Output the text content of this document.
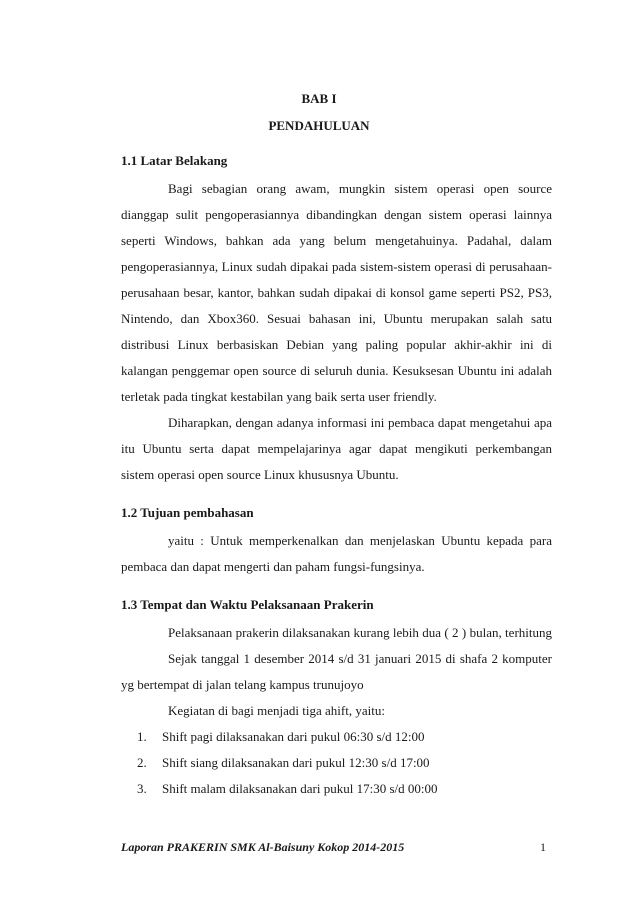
BAB I
PENDAHULUAN
1.1 Latar Belakang
Bagi sebagian orang awam, mungkin sistem operasi open source
dianggap sulit pengoperasiannya dibandingkan dengan sistem operasi lainnya
seperti Windows, bahkan ada yang belum mengetahuinya. Padahal, dalam
pengoperasiannya, Linux sudah dipakai pada sistem-sistem operasi di perusahaan-
perusahaan besar, kantor, bahkan sudah dipakai di konsol game seperti PS2, PS3,
Nintendo, dan Xbox360. Sesuai bahasan ini, Ubuntu merupakan salah satu
distribusi Linux berbasiskan Debian yang paling popular akhir-akhir ini di
kalangan penggemar open source di seluruh dunia. Kesuksesan Ubuntu ini adalah
terletak pada tingkat kestabilan yang baik serta user friendly.
Diharapkan, dengan adanya informasi ini pembaca dapat mengetahui apa
itu Ubuntu serta dapat mempelajarinya agar dapat mengikuti perkembangan
sistem operasi open source Linux khususnya Ubuntu.
1.2 Tujuan pembahasan
yaitu : Untuk memperkenalkan dan menjelaskan Ubuntu kepada para
pembaca dan dapat mengerti dan paham fungsi-fungsinya.
1.3 Tempat dan Waktu Pelaksanaan Prakerin
Pelaksanaan prakerin dilaksanakan kurang lebih dua ( 2 ) bulan, terhitung
Sejak tanggal 1 desember 2014 s/d 31 januari 2015 di shafa 2 komputer
yg bertempat di jalan telang kampus trunujoyo
Kegiatan di bagi menjadi tiga ahift, yaitu:
1. Shift pagi dilaksanakan dari pukul 06:30 s/d 12:00
2. Shift siang dilaksanakan dari pukul 12:30 s/d 17:00
3. Shift malam dilaksanakan dari pukul 17:30 s/d 00:00
Laporan PRAKERIN SMK Al-Baisuny Kokop 2014-2015	1
